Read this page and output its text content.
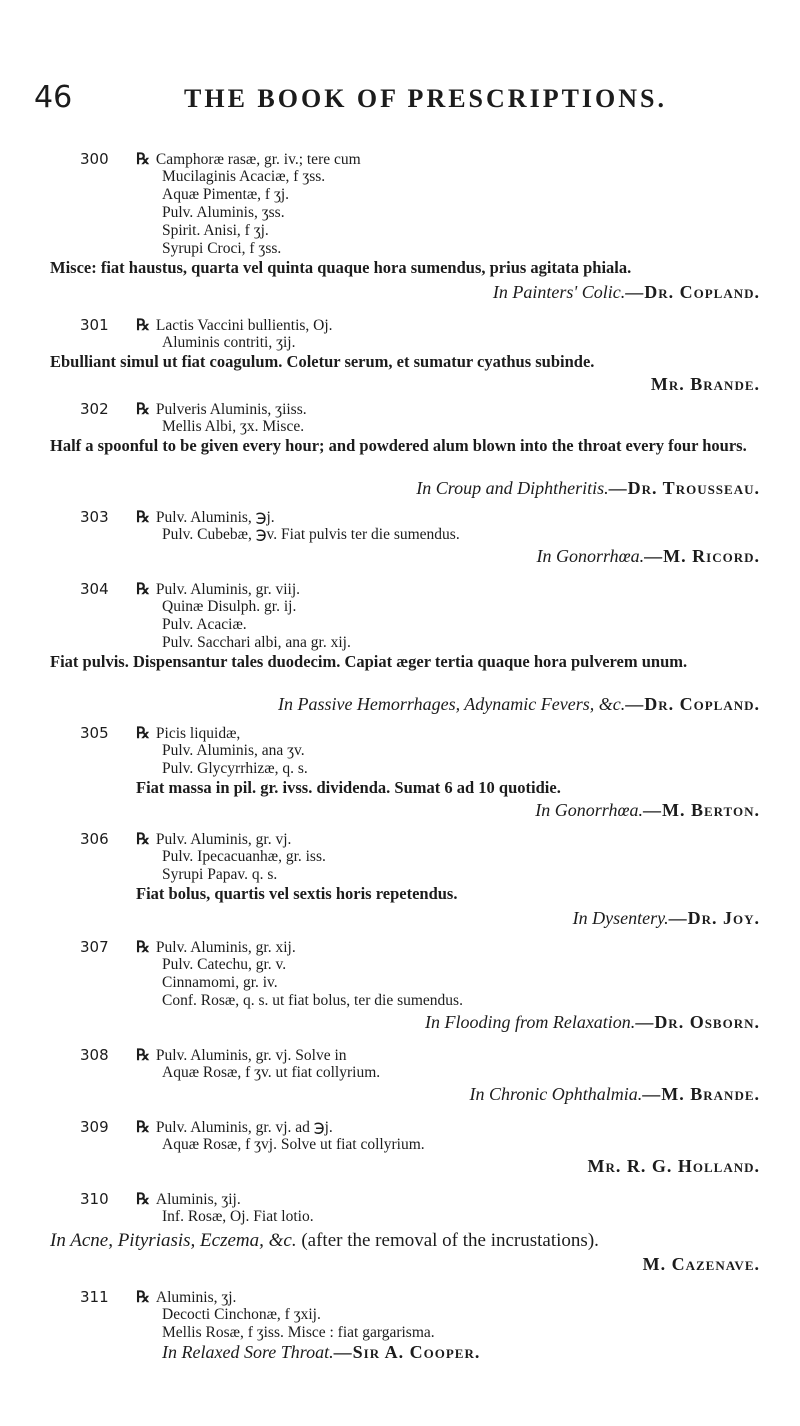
46	THE BOOK OF PRESCRIPTIONS.
300 ℞ Camphoræ rasæ, gr. iv.; tere cum
Mucilaginis Acaciæ, f ʒss.
Aquæ Pimentæ, f ʒj.
Pulv. Aluminis, ʒss.
Spirit. Anisi, f ʒj.
Syrupi Croci, f ʒss.
Misce: fiat haustus, quarta vel quinta quaque hora sumendus, prius agitata phiala.
In Painters' Colic.—Dr. Copland.
301 ℞ Lactis Vaccini bullientis, Oj.
Aluminis contriti, ʒij.
Ebulliant simul ut fiat coagulum. Coletur serum, et sumatur cyathus subinde.
Mr. Brande.
302 ℞ Pulveris Aluminis, ʒiiss.
Mellis Albi, ʒx. Misce.
Half a spoonful to be given every hour; and powdered alum blown into the throat every four hours.
In Croup and Diphtheritis.—Dr. Trousseau.
303 ℞ Pulv. Aluminis, ℈j.
Pulv. Cubebæ, ℈v. Fiat pulvis ter die sumendus.
In Gonorrhœa.—M. Ricord.
304 ℞ Pulv. Aluminis, gr. viij.
Quinæ Disulph. gr. ij.
Pulv. Acaciæ.
Pulv. Sacchari albi, ana gr. xij.
Fiat pulvis. Dispensantur tales duodecim. Capiat æger tertia quaque hora pulverem unum.
In Passive Hemorrhages, Adynamic Fevers, &c.—Dr. Copland.
305 ℞ Picis liquidæ,
Pulv. Aluminis, ana ʒv.
Pulv. Glycyrrhizæ, q. s.
Fiat massa in pil. gr. ivss. dividenda. Sumat 6 ad 10 quotidie.
In Gonorrhœa.—M. Berton.
306 ℞ Pulv. Aluminis, gr. vj.
Pulv. Ipecacuanhæ, gr. iss.
Syrupi Papav. q. s.
Fiat bolus, quartis vel sextis horis repetendus.
In Dysentery.—Dr. Joy.
307 ℞ Pulv. Aluminis, gr. xij.
Pulv. Catechu, gr. v.
Cinnamomi, gr. iv.
Conf. Rosæ, q. s. ut fiat bolus, ter die sumendus.
In Flooding from Relaxation.—Dr. Osborn.
308 ℞ Pulv. Aluminis, gr. vj. Solve in
Aquæ Rosæ, f ʒv. ut fiat collyrium.
In Chronic Ophthalmia.—M. Brande.
309 ℞ Pulv. Aluminis, gr. vj. ad ℈j.
Aquæ Rosæ, f ʒvj. Solve ut fiat collyrium.
Mr. R. G. Holland.
310 ℞ Aluminis, ʒij.
Inf. Rosæ, Oj. Fiat lotio.
In Acne, Pityriasis, Eczema, &c. (after the removal of the incrustations).
M. Cazenave.
311 ℞ Aluminis, ʒj.
Decocti Cinchonæ, f ʒxij.
Mellis Rosæ, f ʒiss. Misce : fiat gargarisma.
In Relaxed Sore Throat.—Sir A. Cooper.
